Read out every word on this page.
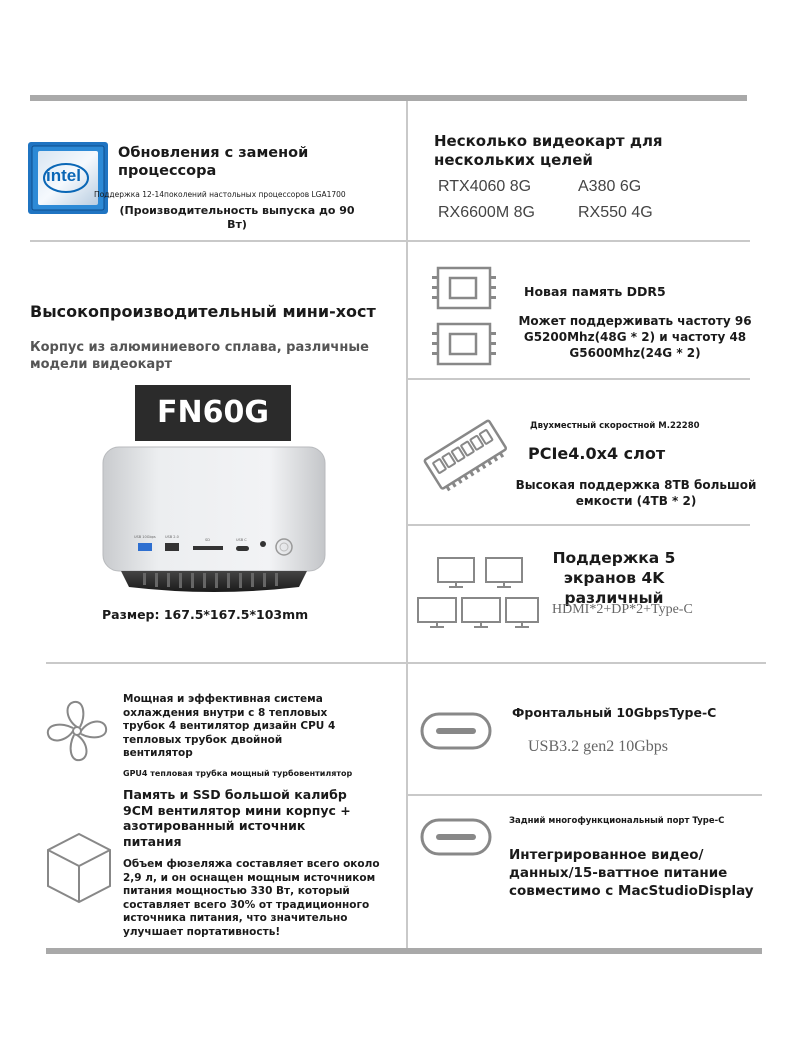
intel
Обновления с заменой процессора
Поддержка 12-14поколений настольных процессоров LGA1700
(Производительность выпуска до 90 Вт)
Несколько видеокарт для нескольких целей
RTX4060 8G	A380 6G
RX6600M 8G	RX550 4G
Высокопроизводительный мини-хост
Корпус из алюминиевого сплава, различные модели видеокарт
FN60G
USB 10Gbps	USB 2.0
SD	USB C
Размер: 167.5*167.5*103mm
Новая память DDR5
Может поддерживать частоту 96 G5200Mhz(48G * 2) и частоту 48 G5600Mhz(24G * 2)
Двухместный скоростной M.22280
PCIe4.0x4 слот
Высокая поддержка 8TB большой емкости (4TB * 2)
Поддержка 5 экранов 4K различный
HDMI*2+DP*2+Type-C
Мощная и эффективная система охлаждения внутри с 8 тепловых трубок 4 вентилятор дизайн CPU 4 тепловых трубок двойной вентилятор
GPU4 тепловая трубка мощный турбовентилятор
Память и SSD большой калибр 9CM вентилятор мини корпус + азотированный источник питания
Объем фюзеляжа составляет всего около 2,9 л, и он оснащен мощным источником питания мощностью 330 Вт, который составляет всего 30% от традиционного источника питания, что значительно улучшает портативность!
Фронтальный 10GbpsType-C
USB3.2 gen2 10Gbps
Задний многофункциональный порт Type-C
Интегрированное видео/данных/15-ваттное питание совместимо с MacStudioDisplay
